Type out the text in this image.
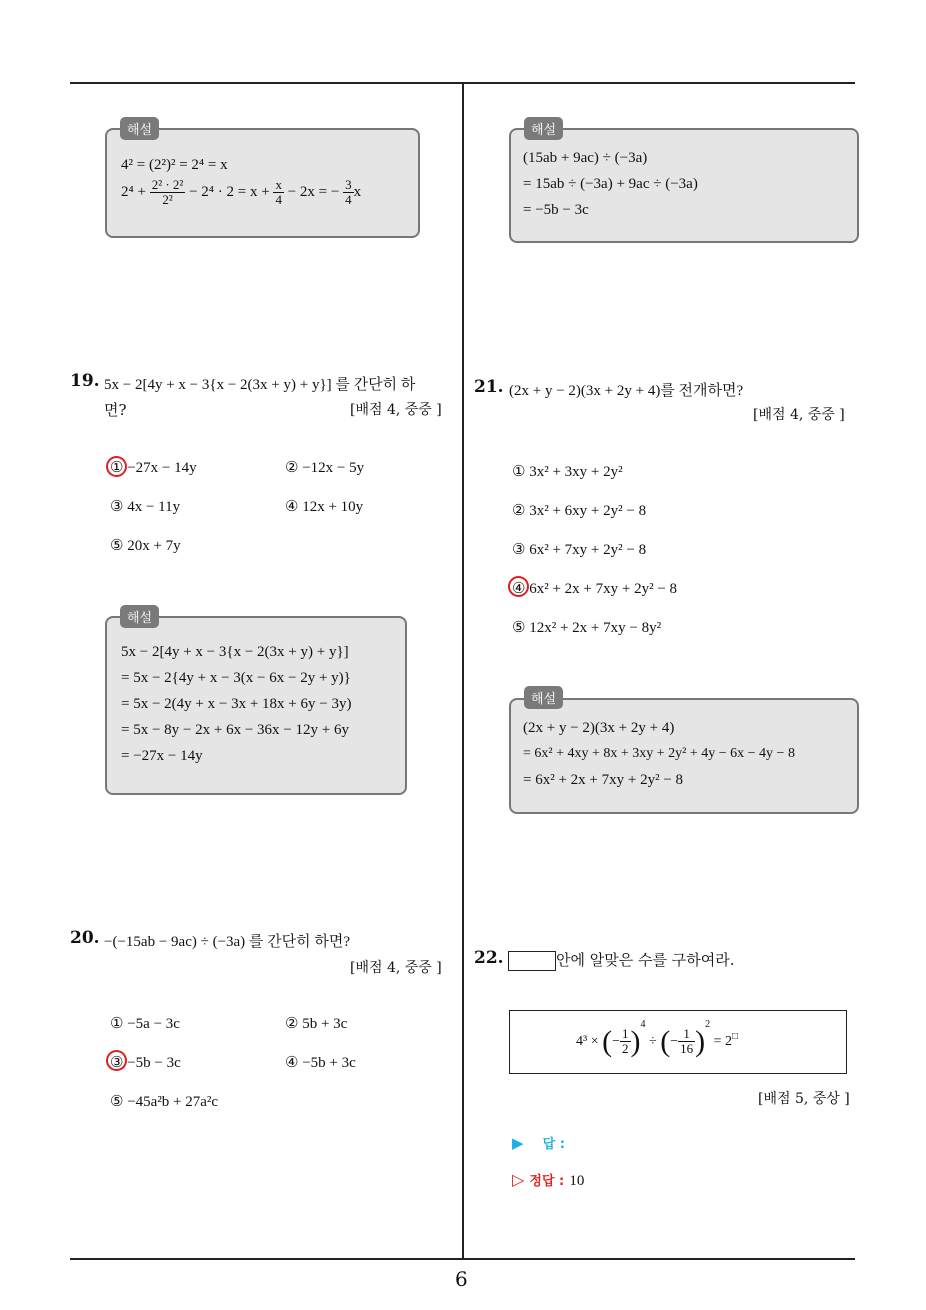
6
4² = (2²)² = 2⁴ = x
$2^4 + \frac{\text{2² · 2²}}{\text{2²}} - 2^4 \cdot 2 = x + \frac{x}{4} - 2x$ = − $\frac{3}{4}$ x
해설
(15ab + 9ac) ÷ (−3a)
= 15ab ÷ (−3a) + 9ac ÷ (−3a)
= −5b − 3c
해설
19. 5x − 2[4y + x − 3{x − 2(3x + y) + y}] 를 간단히 하
면?	[배점 4, 중중 ]
① −27x − 14y	② −12x − 5y
③ 4x − 11y	④ 12x + 10y
⑤ 20x + 7y
5x − 2[4y + x − 3{x − 2(3x + y) + y}]
= 5x − 2{4y + x − 3(x − 6x − 2y + y)}
= 5x − 2(4y + x − 3x + 18x + 6y − 3y)
= 5x − 8y − 2x + 6x − 36x − 12y + 6y
= −27x − 14y
해설
20. −(−15ab − 9ac) ÷ (−3a) 를 간단히 하면?
[배점 4, 중중 ]
① −5a − 3c	② 5b + 3c
③ −5b − 3c	④ −5b + 3c
⑤ −45a²b + 27a²c
21. (2x + y − 2)(3x + 2y + 4)를 전개하면?
[배점 4, 중중 ]
① 3x² + 3xy + 2y²
② 3x² + 6xy + 2y² − 8
③ 6x² + 7xy + 2y² − 8
④ 6x² + 2x + 7xy + 2y² − 8
⑤ 12x² + 2x + 7xy − 8y²
(2x + y − 2)(3x + 2y + 4)
= 6x² + 4xy + 8x + 3xy + 2y² + 4y − 6x − 4y − 8
= 6x² + 2x + 7xy + 2y² − 8
해설
22.	안에 알맞은 수를 구하여라.
4³ × (− $\frac{1}{2} )^4$ ÷ (− $\frac{1}{16} )^2 = 2^□$
[배점 5, 중상 ]
▶ 답 :
▷ 정답 : 10
